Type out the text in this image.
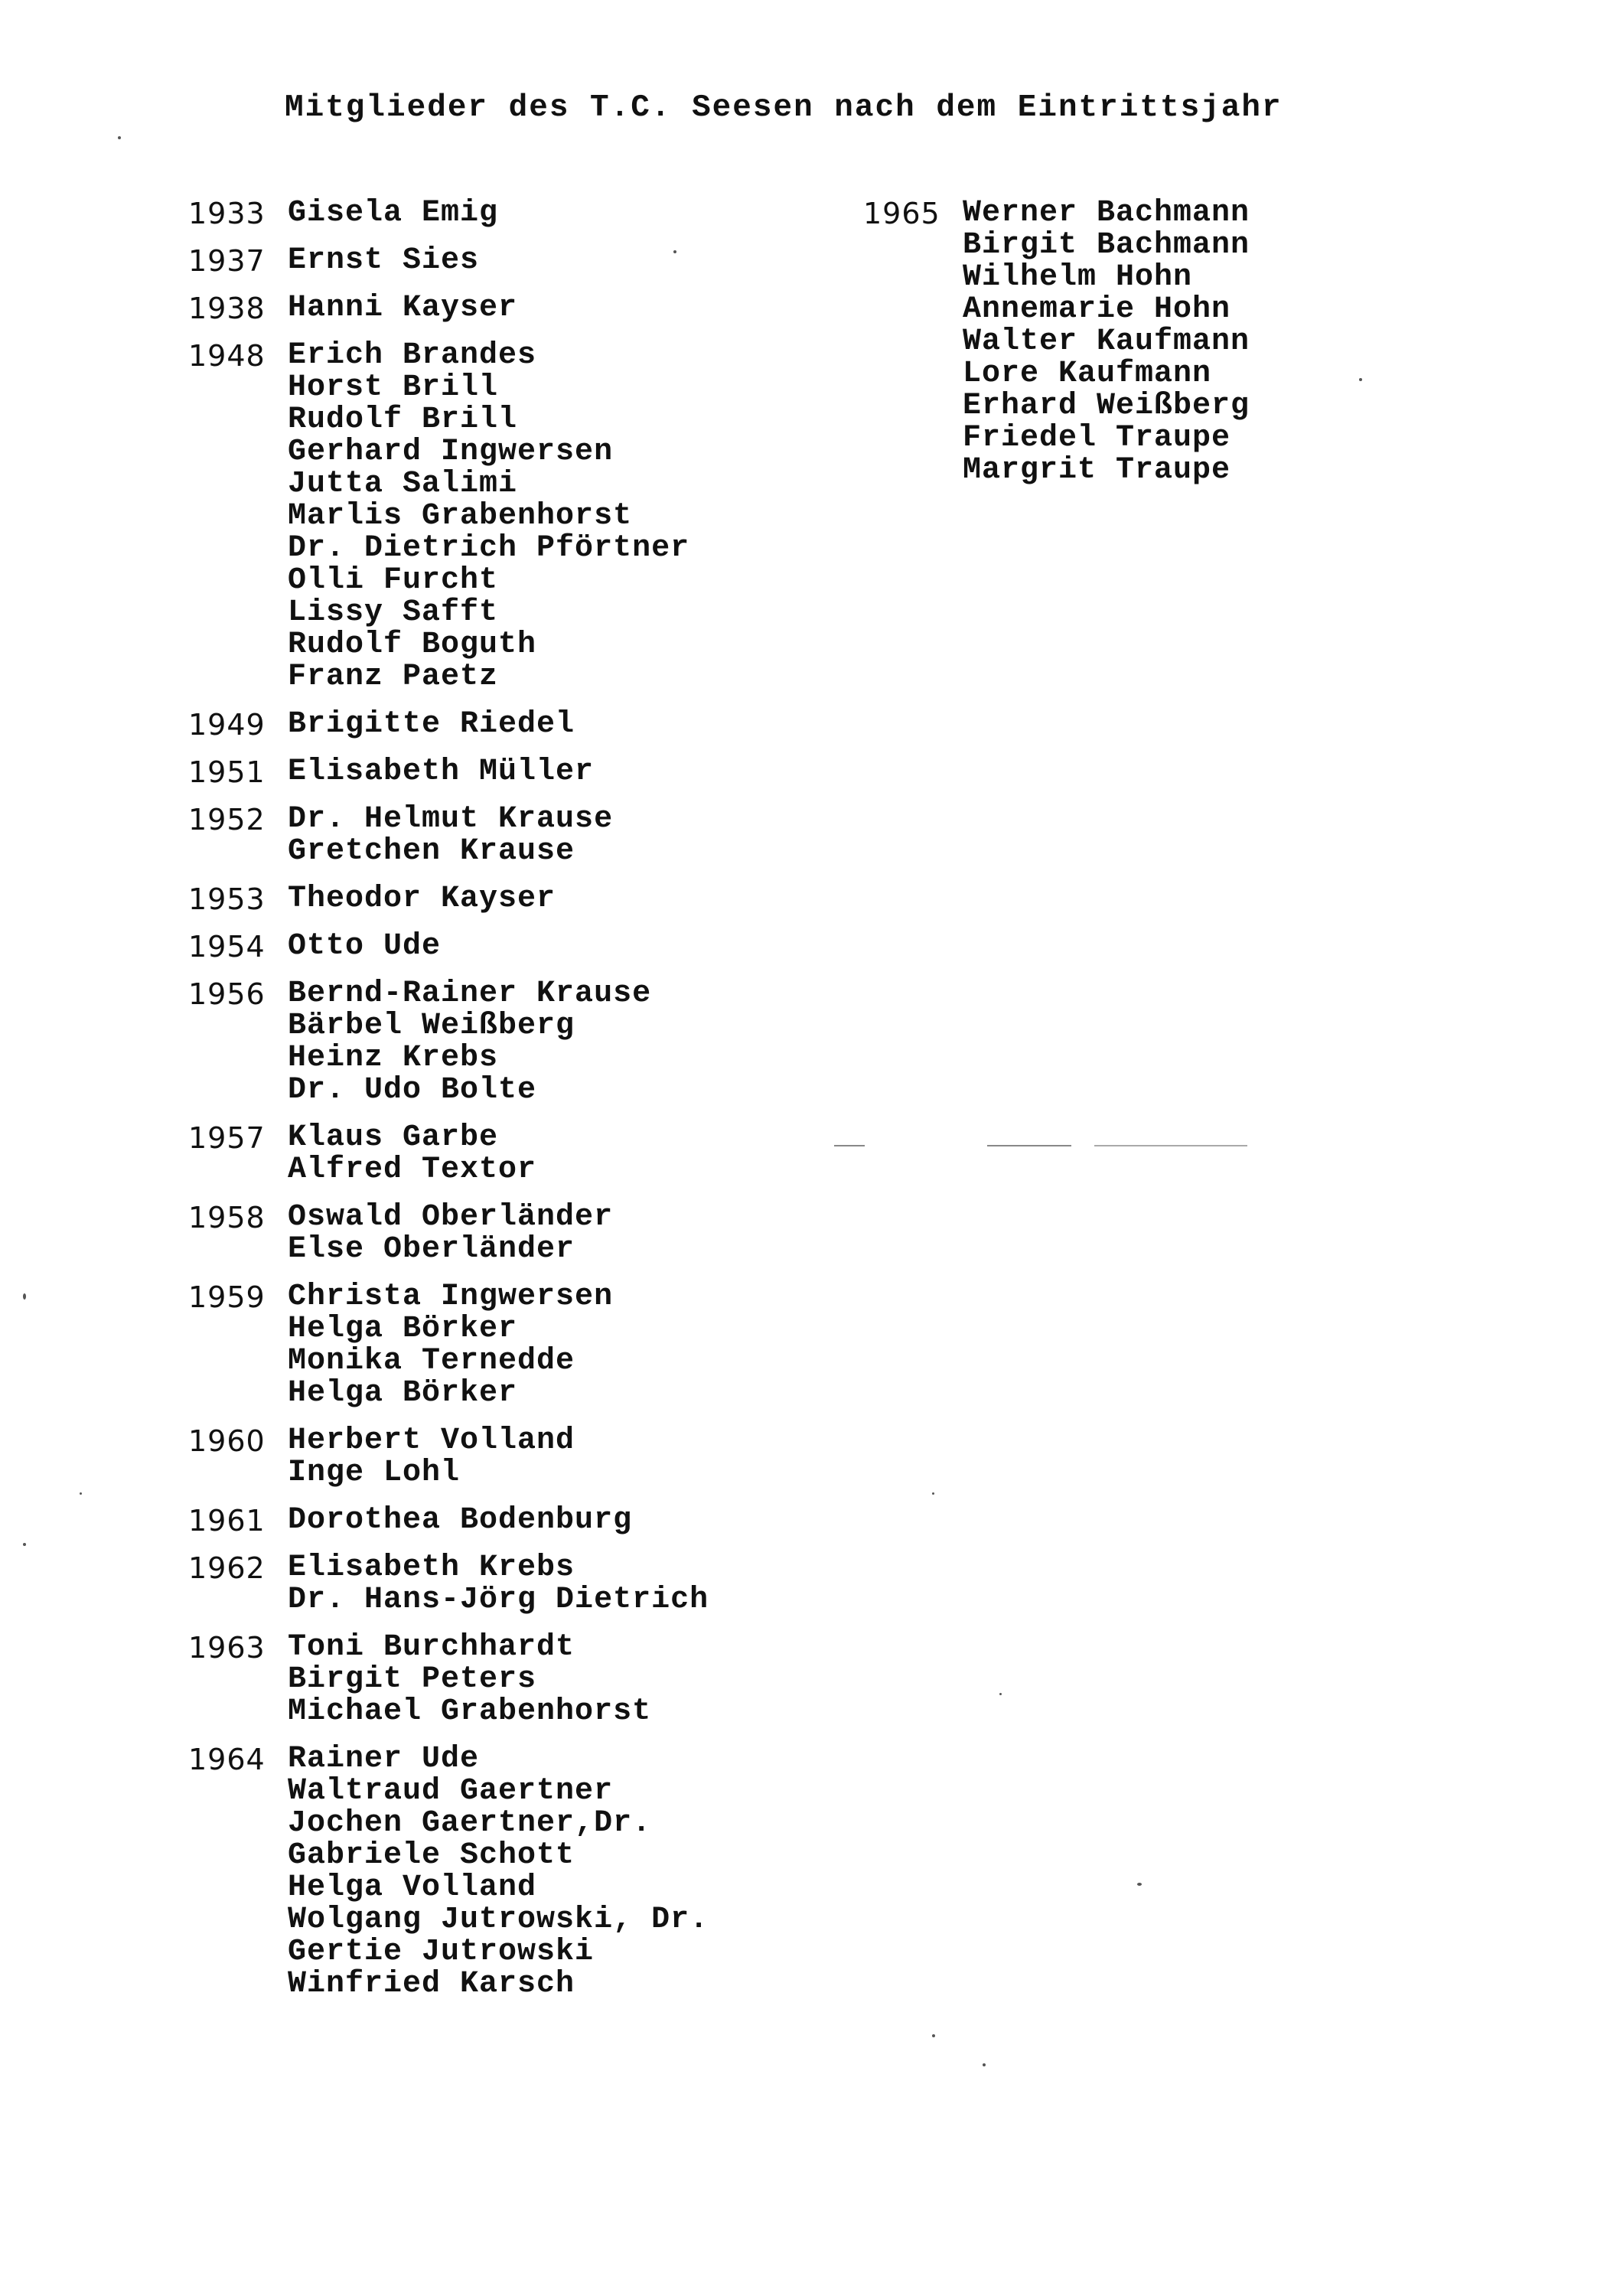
Mitglieder des T.C. Seesen nach dem Eintrittsjahr
1933 Gisela Emig
1937 Ernst Sies
1938 Hanni Kayser
1948 Erich Brandes
Horst Brill
Rudolf Brill
Gerhard Ingwersen
Jutta Salimi
Marlis Grabenhorst
Dr. Dietrich Pförtner
Olli Furcht
Lissy Safft
Rudolf Boguth
Franz Paetz
1949 Brigitte Riedel
1951 Elisabeth Müller
1952 Dr. Helmut Krause
Gretchen Krause
1953 Theodor Kayser
1954 Otto Ude
1956 Bernd-Rainer Krause
Bärbel Weißberg
Heinz Krebs
Dr. Udo Bolte
1957 Klaus Garbe
Alfred Textor
1958 Oswald Oberländer
Else Oberländer
1959 Christa Ingwersen
Helga Börker
Monika Ternedde
Helga Börker
1960 Herbert Volland
Inge Lohl
1961 Dorothea Bodenburg
1962 Elisabeth Krebs
Dr. Hans-Jörg Dietrich
1963 Toni Burchhardt
Birgit Peters
Michael Grabenhorst
1964 Rainer Ude
Waltraud Gaertner
Jochen Gaertner,Dr.
Gabriele Schott
Helga Volland
Wolgang Jutrowski, Dr.
Gertie Jutrowski
Winfried Karsch
1965 Werner Bachmann
Birgit Bachmann
Wilhelm Hohn
Annemarie Hohn
Walter Kaufmann
Lore Kaufmann
Erhard Weißberg
Friedel Traupe
Margrit Traupe
